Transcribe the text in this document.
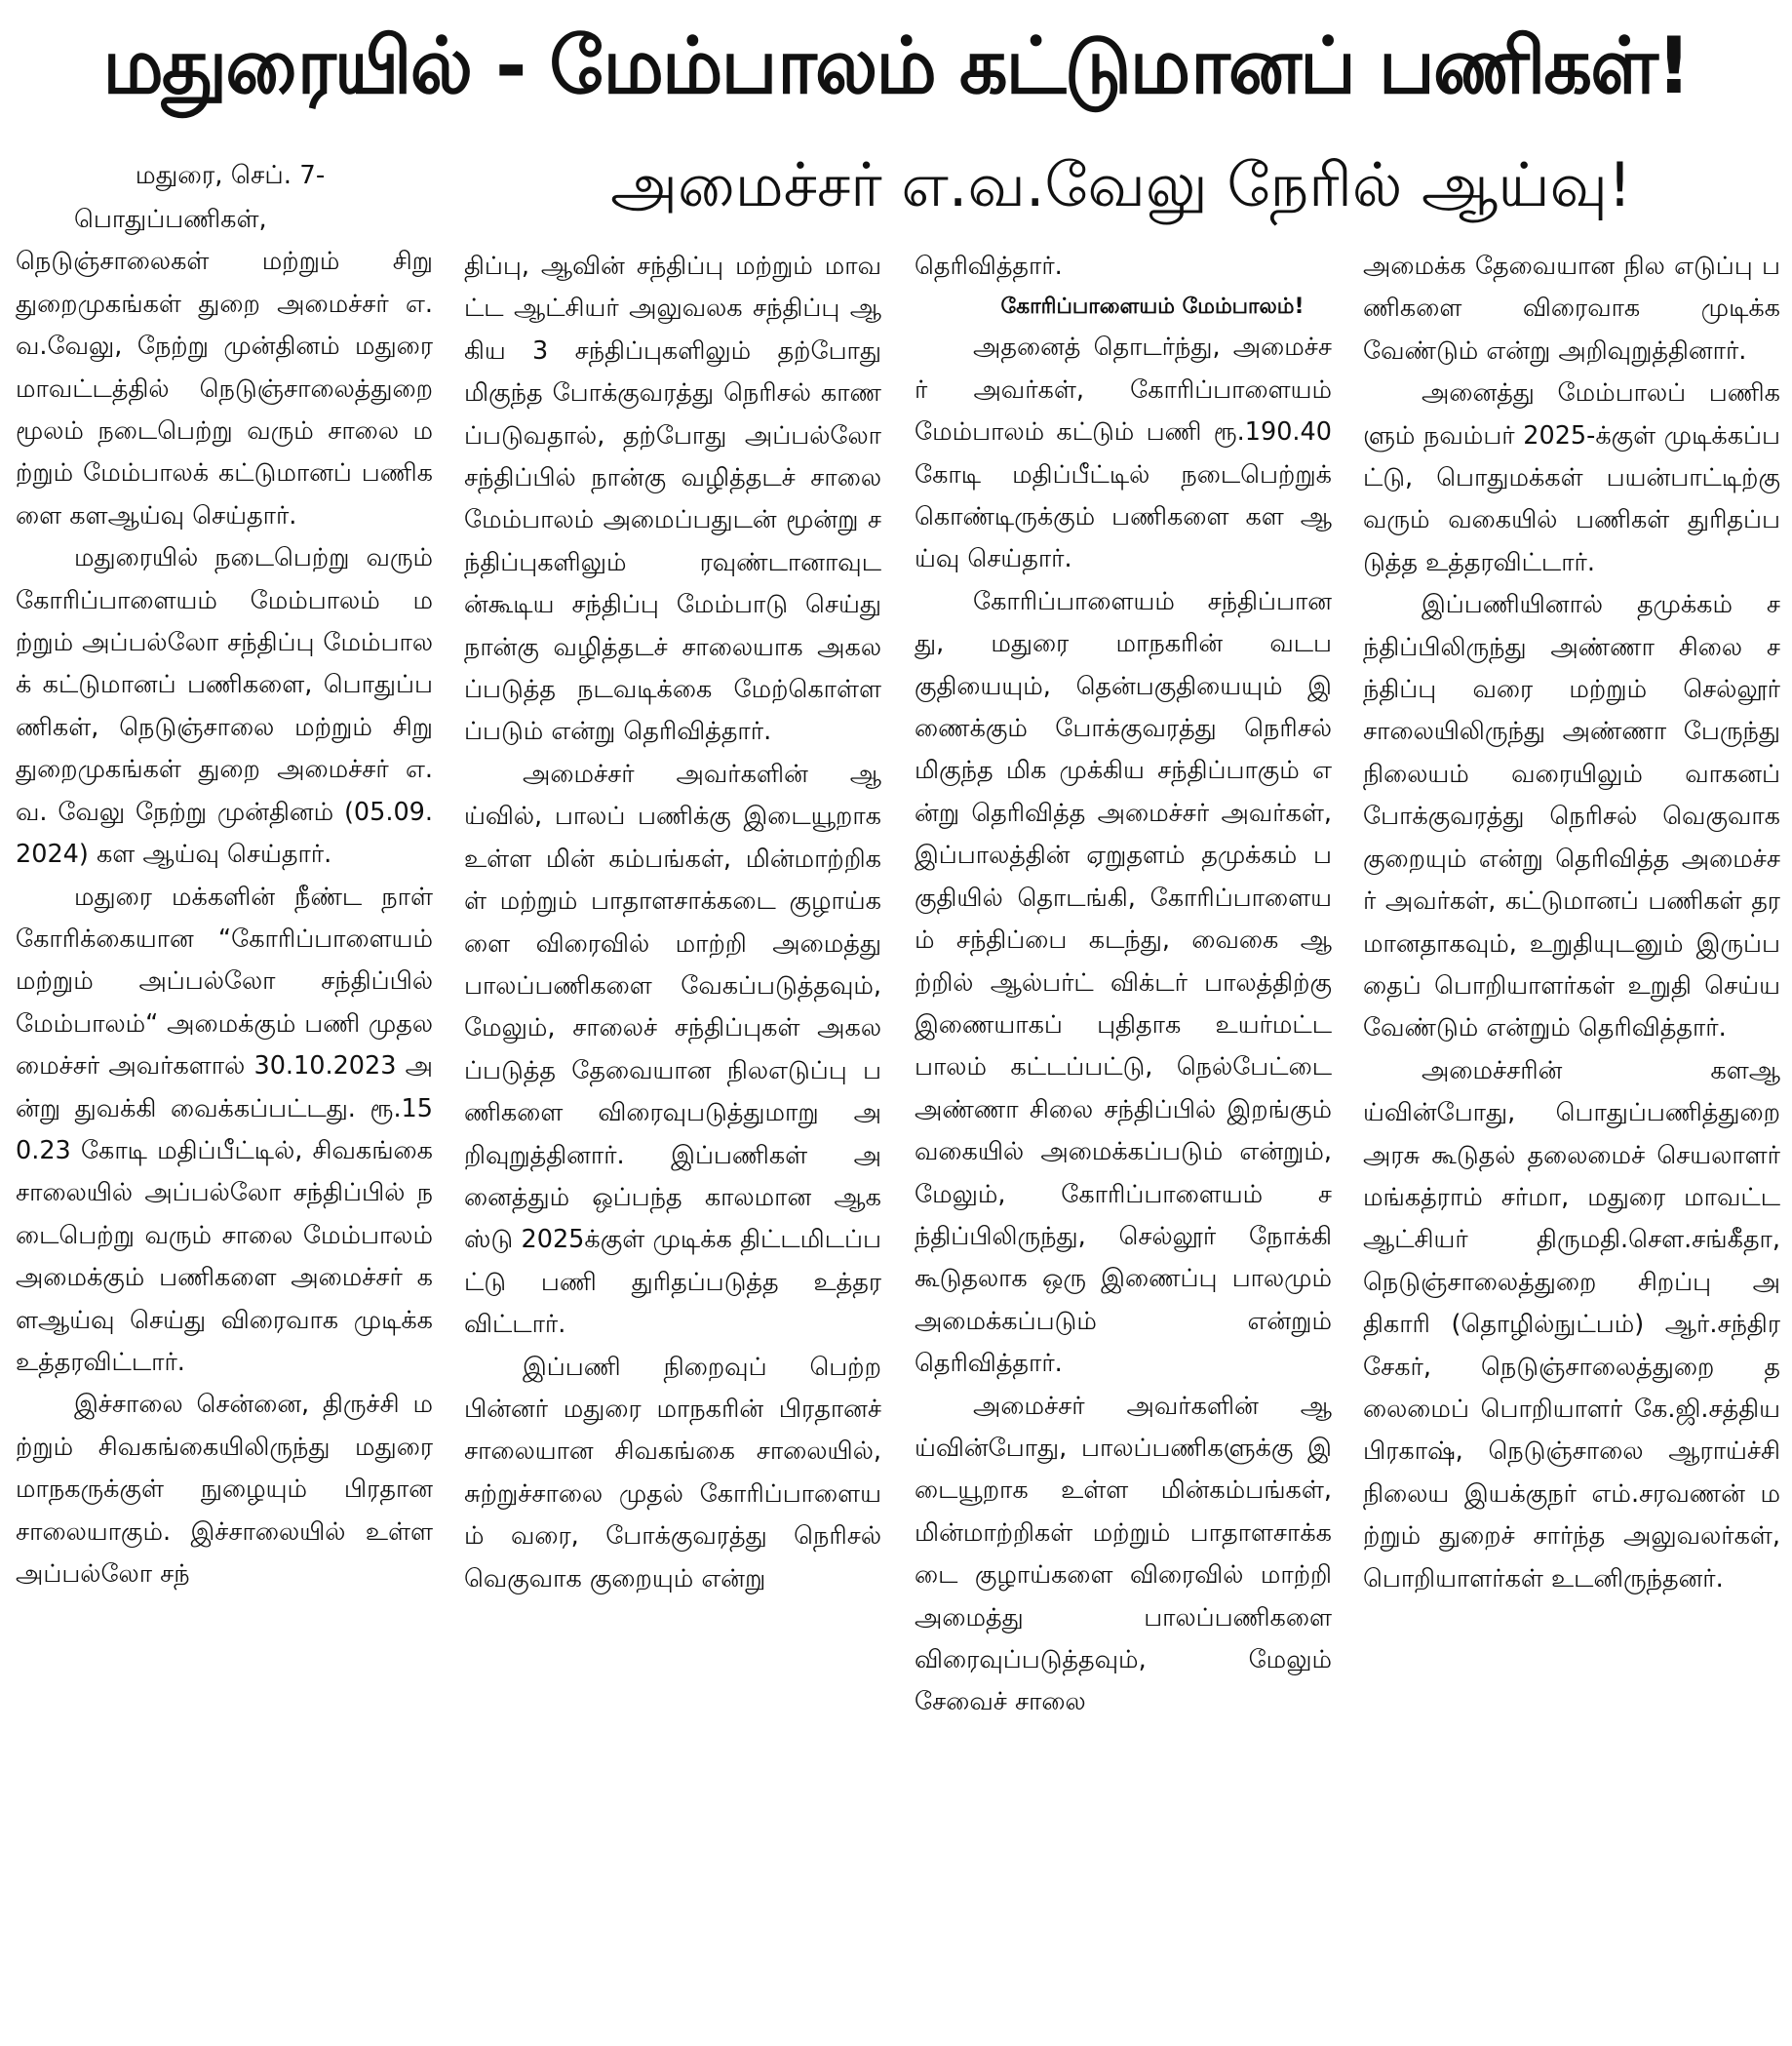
மதுரையில் - மேம்பாலம் கட்டுமானப் பணிகள்!
மதுரை, செப். 7-	அமைச்சர் எ.வ.வேலு நேரில் ஆய்வு!

பொதுப்பணிகள், நெடுஞ்சாலைகள் மற்றும் சிறு துறைமுகங்கள் துறை அமைச்சர் எ.வ.வேலு, நேற்று முன்தினம் மதுரை மாவட்டத்தில் நெடுஞ்சாலைத்துறை மூலம் நடைபெற்று வரும் சாலை மற்றும் மேம்பாலக் கட்டுமானப் பணிகளை களஆய்வு செய்தார்.

மதுரையில் நடைபெற்று வரும் கோரிப்பாளையம் மேம்பாலம் மற்றும் அப்பல்லோ சந்திப்பு மேம்பாலக் கட்டுமானப் பணிகளை, பொதுப்பணிகள், நெடுஞ்சாலை மற்றும் சிறு துறைமுகங்கள் துறை அமைச்சர் எ.வ. வேலு நேற்று முன்தினம் (05.09.2024) கள ஆய்வு செய்தார்.

மதுரை மக்களின் நீண்ட நாள் கோரிக்கையான “கோரிப்பாளையம் மற்றும் அப்பல்லோ சந்திப்பில் மேம்பாலம்“ அமைக்கும் பணி முதலமைச்சர் அவர்களால் 30.10.2023 அன்று துவக்கி வைக்கப்பட்டது. ரூ.150.23 கோடி மதிப்பீட்டில், சிவகங்கை சாலையில் அப்பல்லோ சந்திப்பில் நடைபெற்று வரும் சாலை மேம்பாலம் அமைக்கும் பணிகளை அமைச்சர் களஆய்வு செய்து விரைவாக முடிக்க உத்தரவிட்டார்.

இச்சாலை சென்னை, திருச்சி மற்றும் சிவகங்கையிலிருந்து மதுரை மாநகருக்குள் நுழையும் பிரதான சாலையாகும். இச்சாலையில் உள்ள அப்பல்லோ சந்

திப்பு, ஆவின் சந்திப்பு மற்றும் மாவட்ட ஆட்சியர் அலுவலக சந்திப்பு ஆகிய 3 சந்திப்புகளிலும் தற்போது மிகுந்த போக்குவரத்து நெரிசல் காணப்படுவதால், தற்போது அப்பல்லோ சந்திப்பில் நான்கு வழித்தடச் சாலை மேம்பாலம் அமைப்பதுடன் மூன்று சந்திப்புகளிலும் ரவுண்டானாவுடன்கூடிய சந்திப்பு மேம்பாடு செய்து நான்கு வழித்தடச் சாலையாக அகலப்படுத்த நடவடிக்கை மேற்கொள்ளப்படும் என்று தெரிவித்தார்.

அமைச்சர் அவர்களின் ஆய்வில், பாலப் பணிக்கு இடையூறாக உள்ள மின் கம்பங்கள், மின்மாற்றிகள் மற்றும் பாதாளசாக்கடை குழாய்களை விரைவில் மாற்றி அமைத்து பாலப்பணிகளை வேகப்படுத்தவும், மேலும், சாலைச் சந்திப்புகள் அகலப்படுத்த தேவையான நிலஎடுப்பு பணிகளை விரைவுபடுத்துமாறு அறிவுறுத்தினார். இப்பணிகள் அனைத்தும் ஒப்பந்த காலமான ஆகஸ்டு 2025க்குள் முடிக்க திட்டமிடப்பட்டு பணி துரிதப்படுத்த உத்தரவிட்டார்.

இப்பணி நிறைவுப் பெற்ற பின்னர் மதுரை மாநகரின் பிரதானச் சாலையான சிவகங்கை சாலையில், சுற்றுச்சாலை முதல் கோரிப்பாளையம் வரை, போக்குவரத்து நெரிசல் வெகுவாக குறையும் என்று

தெரிவித்தார்.

கோரிப்பாளையம் மேம்பாலம்!

அதனைத் தொடர்ந்து, அமைச்சர் அவர்கள், கோரிப்பாளையம் மேம்பாலம் கட்டும் பணி ரூ.190.40 கோடி மதிப்பீட்டில் நடைபெற்றுக் கொண்டிருக்கும் பணிகளை கள ஆய்வு செய்தார்.

கோரிப்பாளையம் சந்திப்பானது, மதுரை மாநகரின் வடபகுதியையும், தென்பகுதியையும் இணைக்கும் போக்குவரத்து நெரிசல் மிகுந்த மிக முக்கிய சந்திப்பாகும் என்று தெரிவித்த அமைச்சர் அவர்கள், இப்பாலத்தின் ஏறுதளம் தமுக்கம் பகுதியில் தொடங்கி, கோரிப்பாளையம் சந்திப்பை கடந்து, வைகை ஆற்றில் ஆல்பர்ட் விக்டர் பாலத்திற்கு இணையாகப் புதிதாக உயர்மட்ட பாலம் கட்டப்பட்டு, நெல்பேட்டை அண்ணா சிலை சந்திப்பில் இறங்கும் வகையில் அமைக்கப்படும் என்றும், மேலும், கோரிப்பாளையம் சந்திப்பிலிருந்து, செல்லூர் நோக்கி கூடுதலாக ஒரு இணைப்பு பாலமும் அமைக்கப்படும் என்றும் தெரிவித்தார்.

அமைச்சர் அவர்களின் ஆய்வின்போது, பாலப்பணிகளுக்கு இடையூறாக உள்ள மின்கம்பங்கள், மின்மாற்றிகள் மற்றும் பாதாளசாக்கடை குழாய்களை விரைவில் மாற்றி அமைத்து பாலப்பணிகளை விரைவுப்படுத்தவும், மேலும் சேவைச் சாலை

அமைக்க தேவையான நில எடுப்பு பணிகளை விரைவாக முடிக்க வேண்டும் என்று அறிவுறுத்தினார்.

அனைத்து மேம்பாலப் பணிகளும் நவம்பர் 2025-க்குள் முடிக்கப்பட்டு, பொதுமக்கள் பயன்பாட்டிற்கு வரும் வகையில் பணிகள் துரிதப்படுத்த உத்தரவிட்டார்.

இப்பணியினால் தமுக்கம் சந்திப்பிலிருந்து அண்ணா சிலை சந்திப்பு வரை மற்றும் செல்லூர் சாலையிலிருந்து அண்ணா பேருந்து நிலையம் வரையிலும் வாகனப் போக்குவரத்து நெரிசல் வெகுவாக குறையும் என்று தெரிவித்த அமைச்சர் அவர்கள், கட்டுமானப் பணிகள் தரமானதாகவும், உறுதியுடனும் இருப்பதைப் பொறியாளர்கள் உறுதி செய்ய வேண்டும் என்றும் தெரிவித்தார்.

அமைச்சரின் களஆய்வின்போது, பொதுப்பணித்துறை அரசு கூடுதல் தலைமைச் செயலாளர் மங்கத்ராம் சர்மா, மதுரை மாவட்ட ஆட்சியர் திருமதி.சௌ.சங்கீதா, நெடுஞ்சாலைத்துறை சிறப்பு அதிகாரி (தொழில்நுட்பம்) ஆர்.சந்திரசேகர், நெடுஞ்சாலைத்துறை தலைமைப் பொறியாளர் கே.ஜி.சத்திய பிரகாஷ், நெடுஞ்சாலை ஆராய்ச்சி நிலைய இயக்குநர் எம்.சரவணன் மற்றும் துறைச் சார்ந்த அலுவலர்கள், பொறியாளர்கள் உடனிருந்தனர்.
